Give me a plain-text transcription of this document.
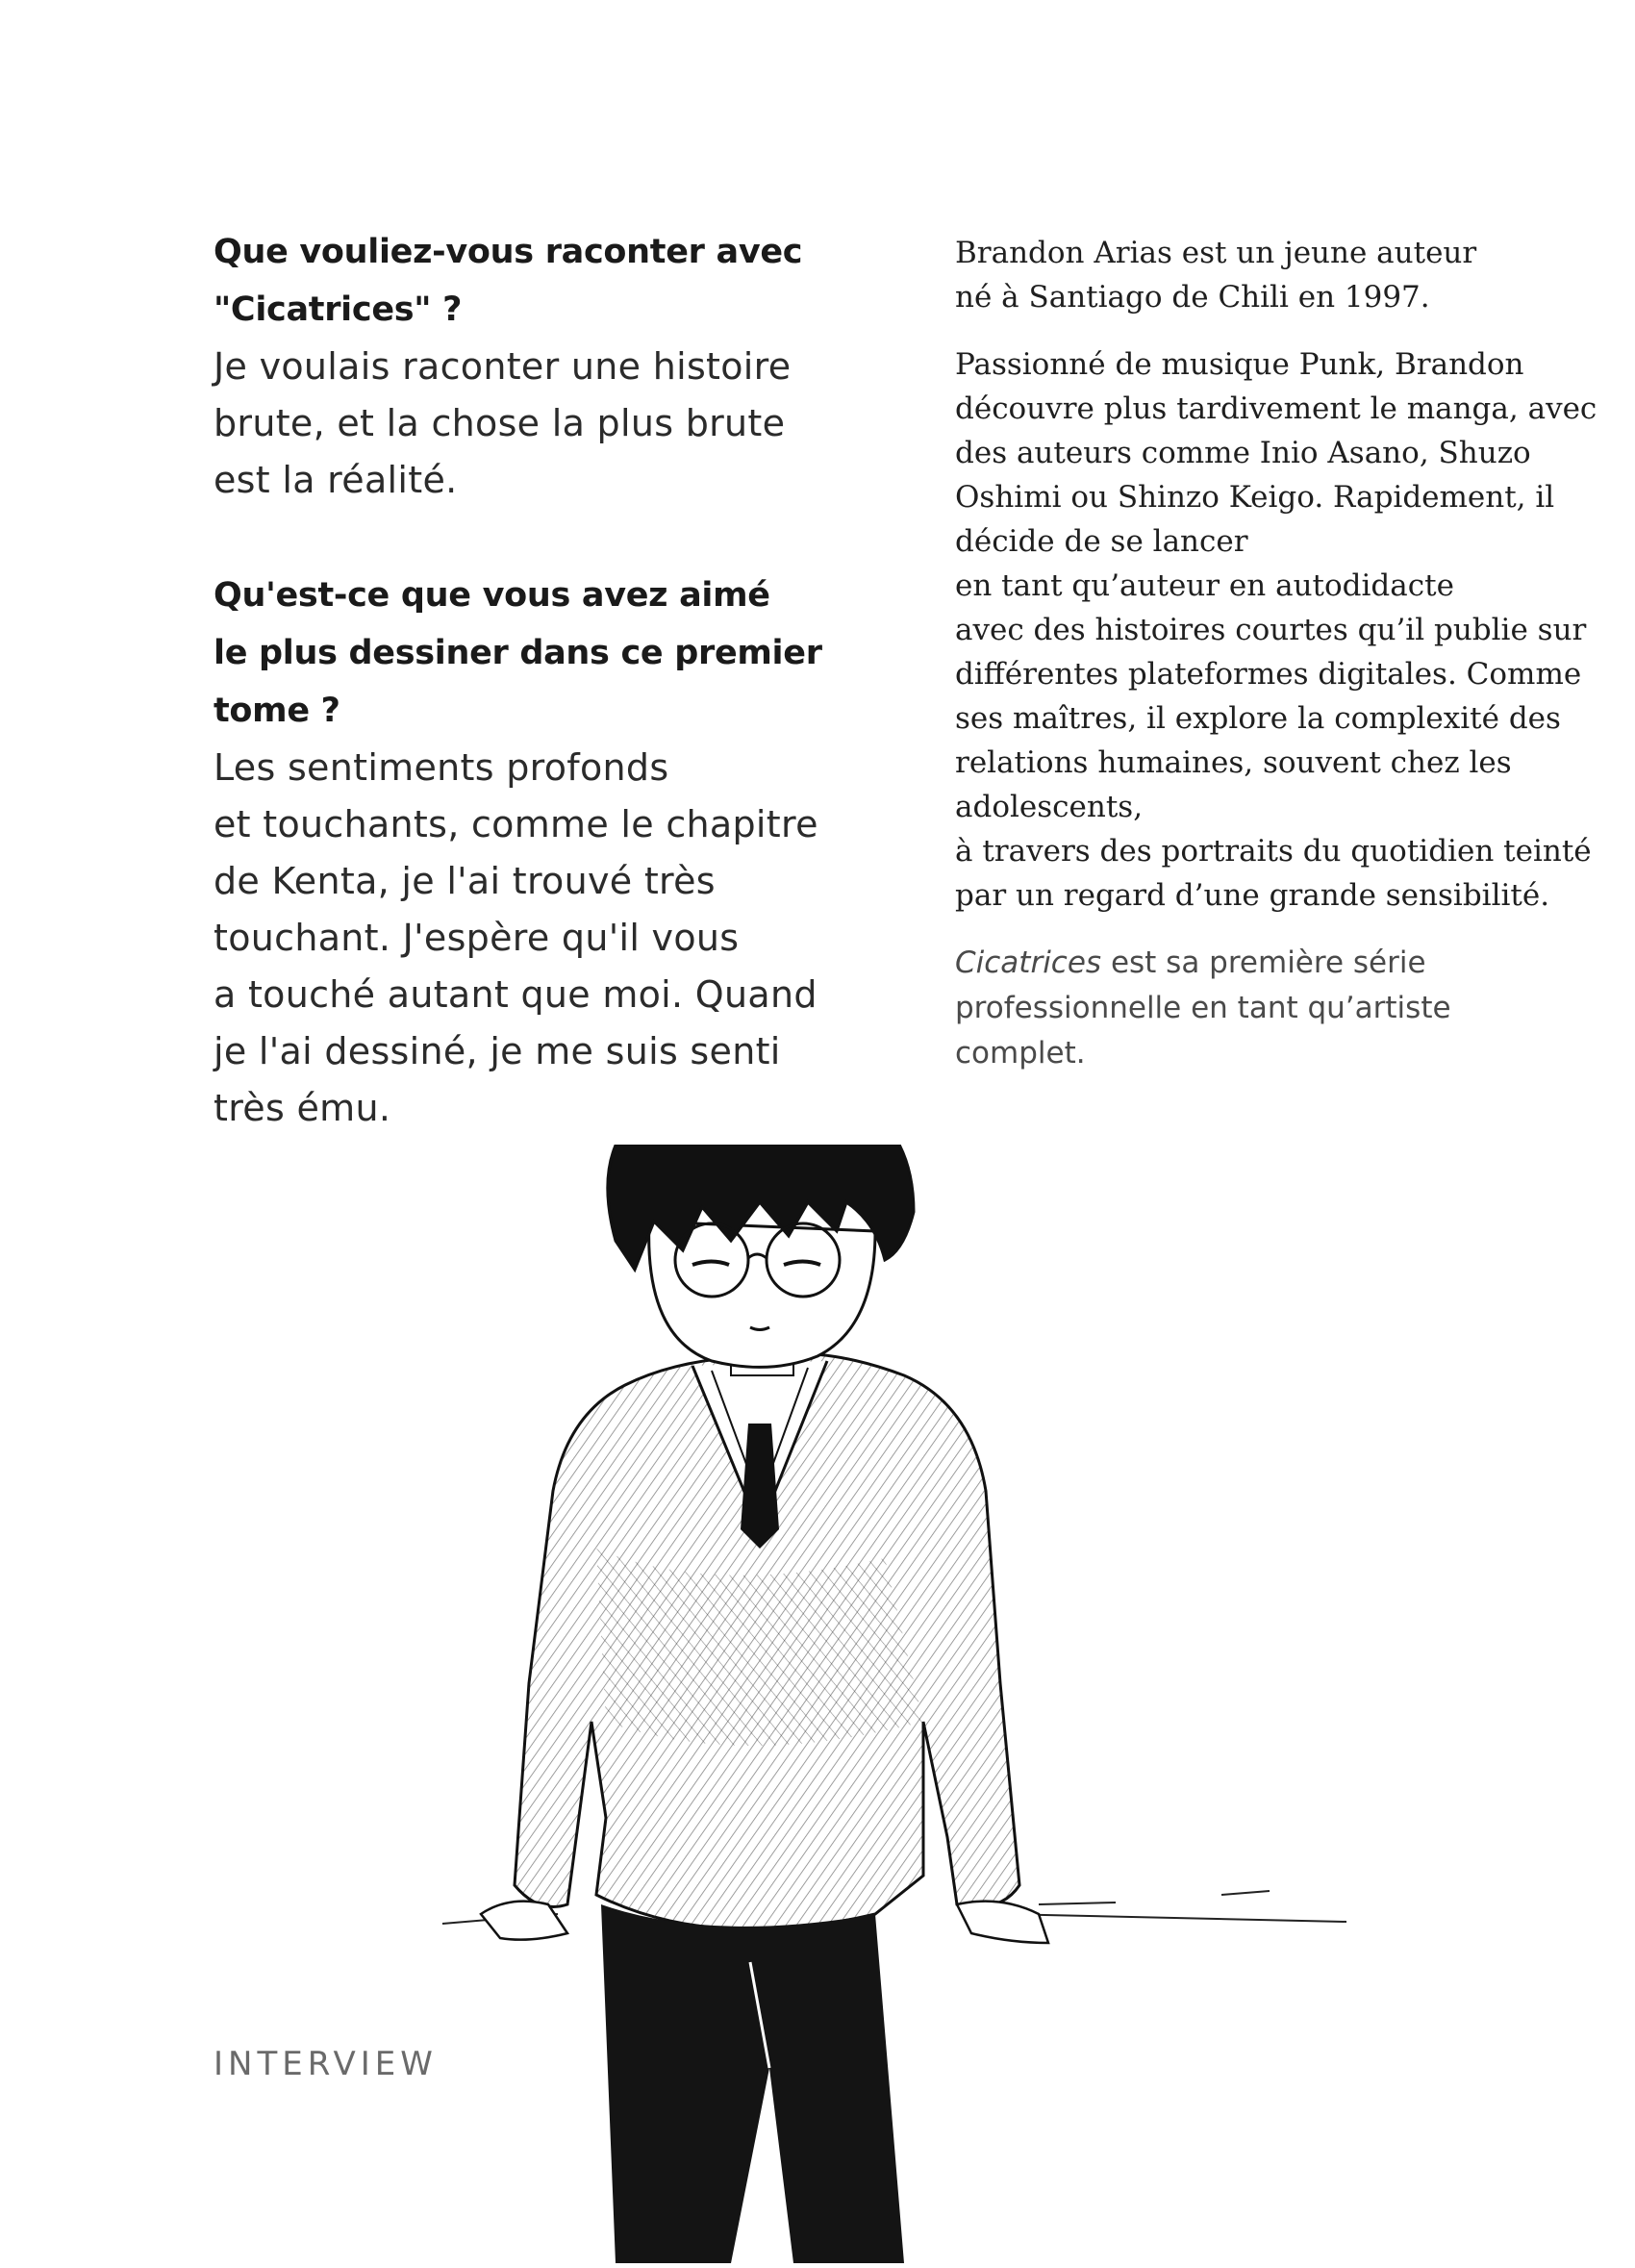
Que vouliez-vous raconter avec
"Cicatrices" ?

Je voulais raconter une histoire
brute, et la chose la plus brute
est la réalité.

Qu'est-ce que vous avez aimé
le plus dessiner dans ce premier
tome ?

Les sentiments profonds
et touchants, comme le chapitre
de Kenta, je l'ai trouvé très
touchant. J'espère qu'il vous
a touché autant que moi. Quand
je l'ai dessiné, je me suis senti
très ému.

Brandon Arias est un jeune auteur
né à Santiago de Chili en 1997.

Passionné de musique Punk, Brandon
découvre plus tardivement le manga, avec
des auteurs comme Inio Asano, Shuzo
Oshimi ou Shinzo Keigo. Rapidement, il
décide de se lancer
en tant qu’auteur en autodidacte
avec des histoires courtes qu’il publie sur
différentes plateformes digitales. Comme
ses maîtres, il explore la complexité des
relations humaines, souvent chez les
adolescents,
à travers des portraits du quotidien teinté
par un regard d’une grande sensibilité.

Cicatrices est sa première série
professionnelle en tant qu’artiste
complet.

INTERVIEW
